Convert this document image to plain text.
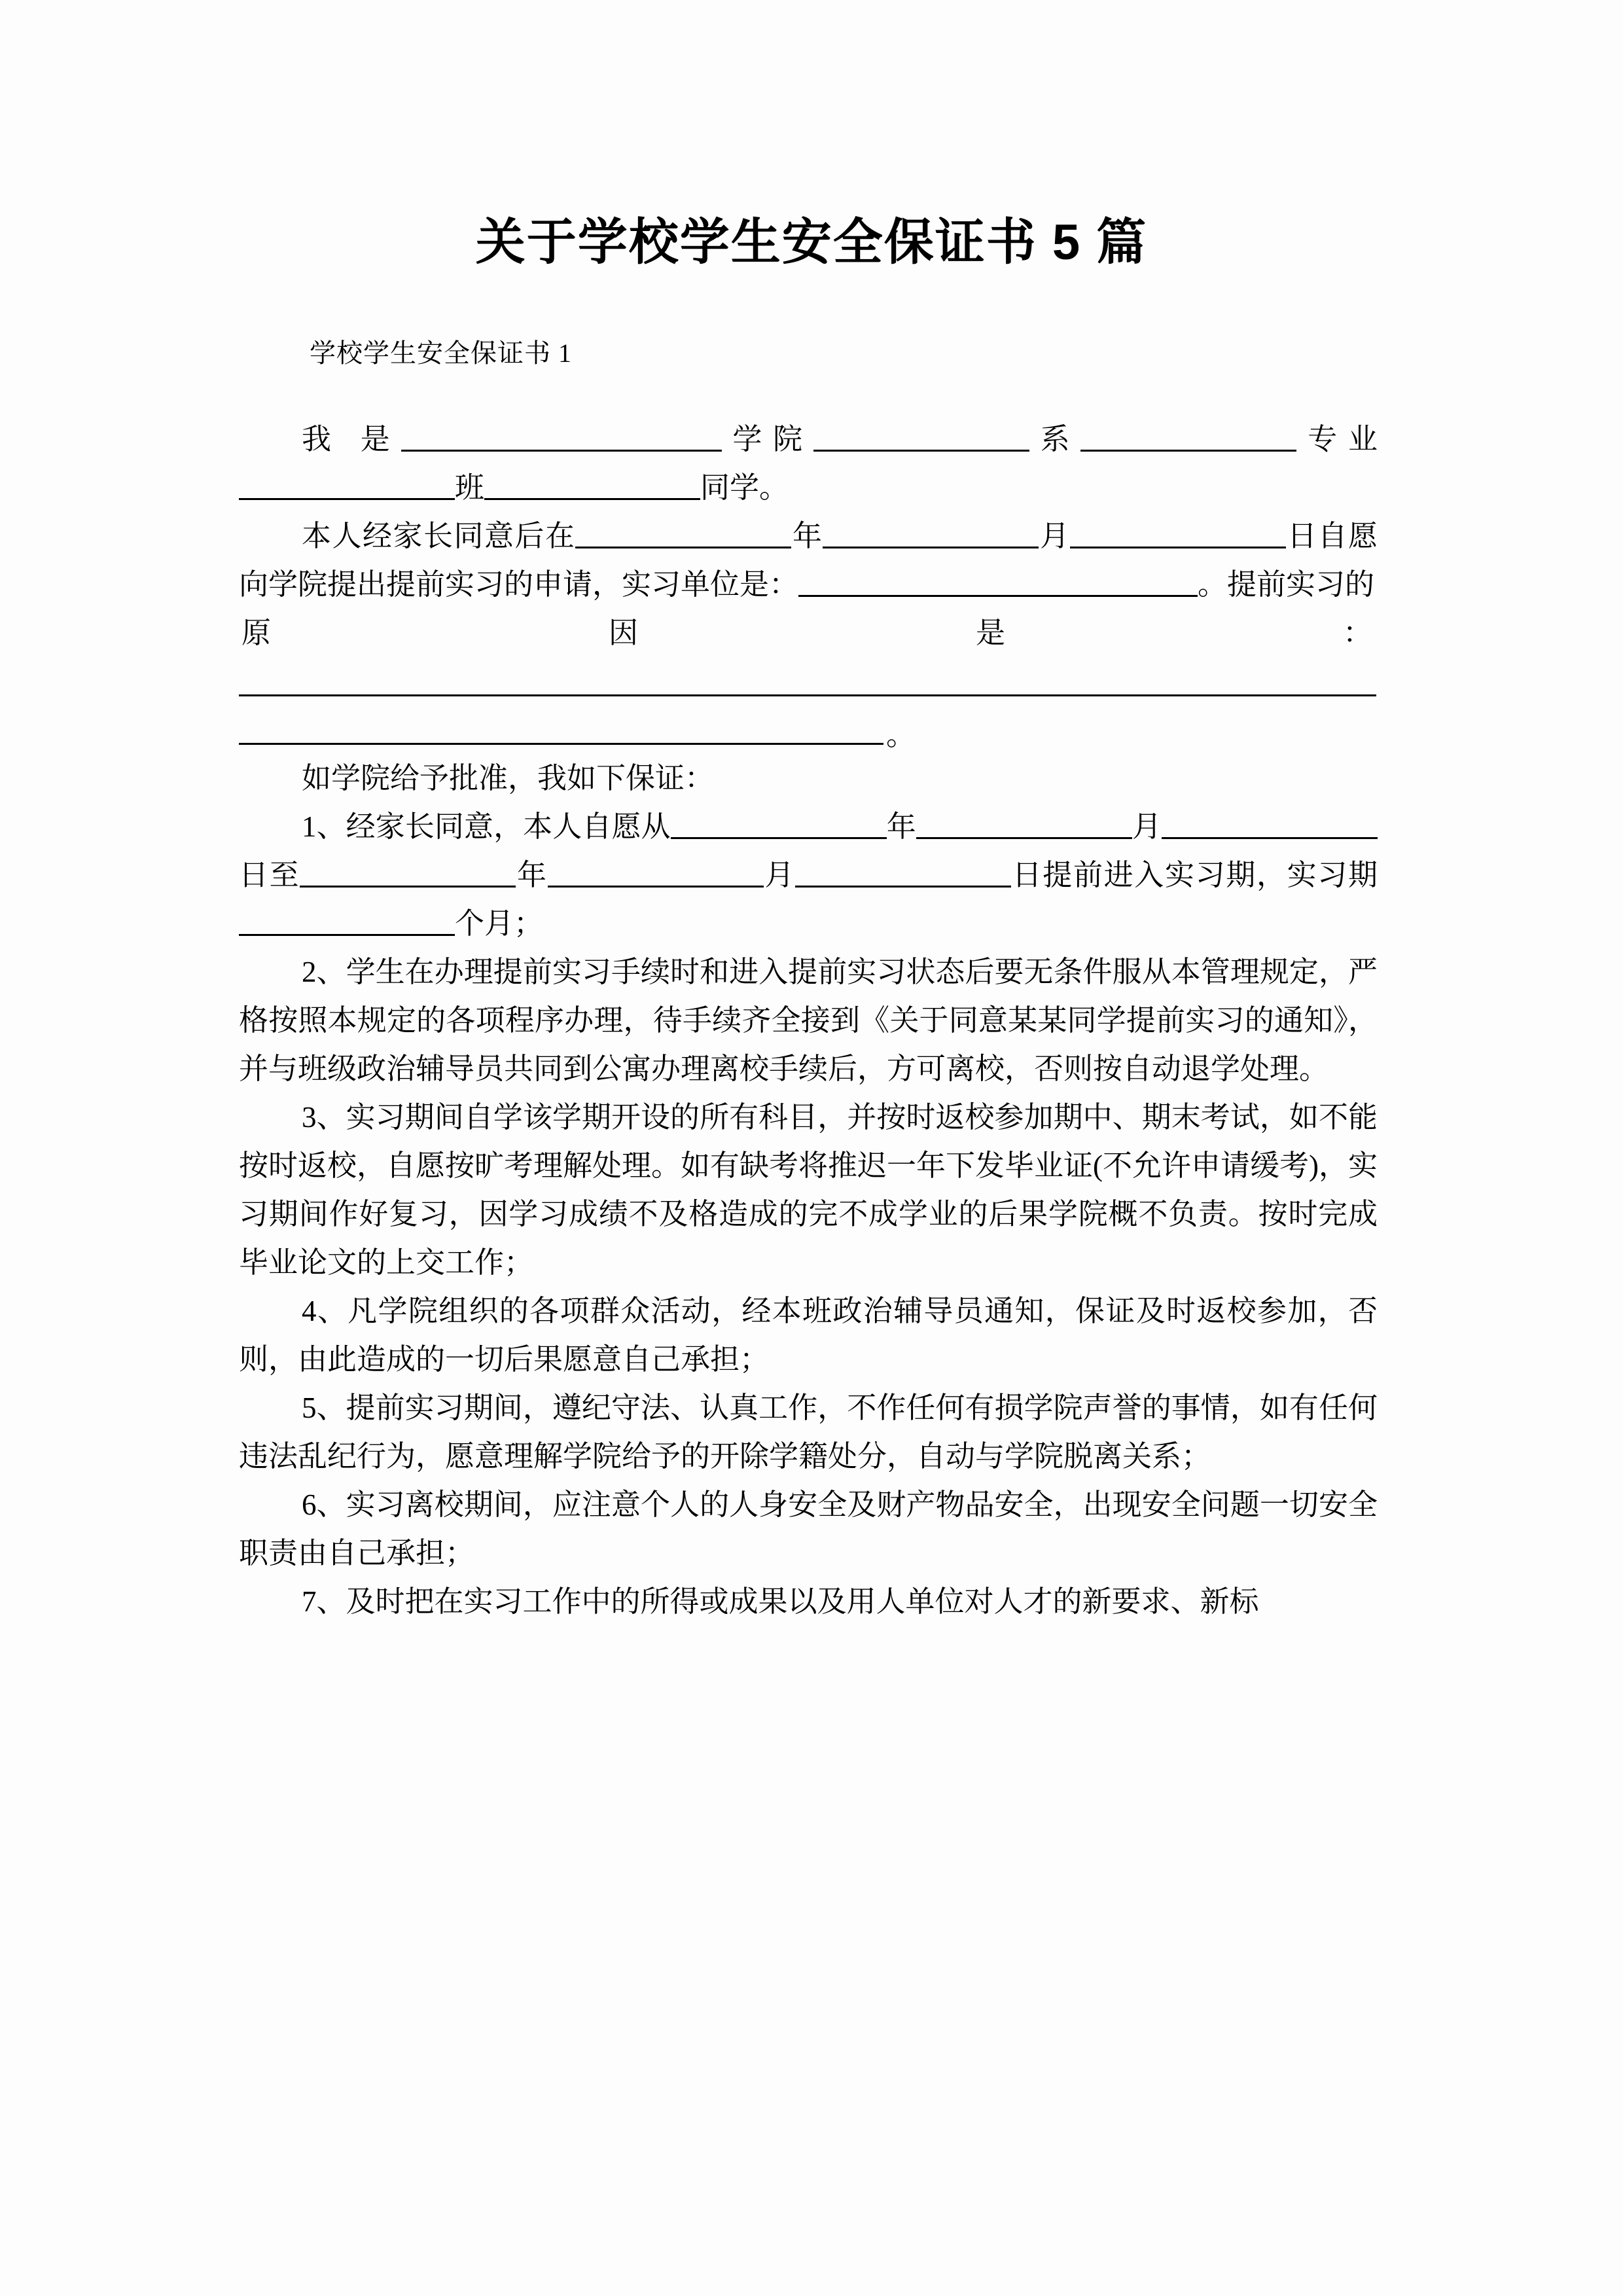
关于学校学生安全保证书 5 篇

学校学生安全保证书 1

我 是	学院	系	专业班	同学。

本人经家长同意后在	年	月	日自愿向学院提出提前实习的申请，实习单位是：	。提前实习的

原	因	是	：
。

如学院给予批准，我如下保证：

1、经家长同意，本人自愿从	年	月日至	年	月	日提前进入实习期，实习期个月；

2、学生在办理提前实习手续时和进入提前实习状态后要无条件服从本管理规定，严格按照本规定的各项程序办理，待手续齐全接到《关于同意某某同学提前实习的通知》，并与班级政治辅导员共同到公寓办理离校手续后，方可离校，否则按自动退学处理。

3、实习期间自学该学期开设的所有科目，并按时返校参加期中、期末考试，如不能按时返校，自愿按旷考理解处理。如有缺考将推迟一年下发毕业证(不允许申请缓考)，实习期间作好复习，因学习成绩不及格造成的完不成学业的后果学院概不负责。按时完成毕业论文的上交工作；

4、凡学院组织的各项群众活动，经本班政治辅导员通知，保证及时返校参加，否则，由此造成的一切后果愿意自己承担；

5、提前实习期间，遵纪守法、认真工作，不作任何有损学院声誉的事情，如有任何违法乱纪行为，愿意理解学院给予的开除学籍处分，自动与学院脱离关系；

6、实习离校期间，应注意个人的人身安全及财产物品安全，出现安全问题一切安全职责由自己承担；

7、及时把在实习工作中的所得或成果以及用人单位对人才的新要求、新标
